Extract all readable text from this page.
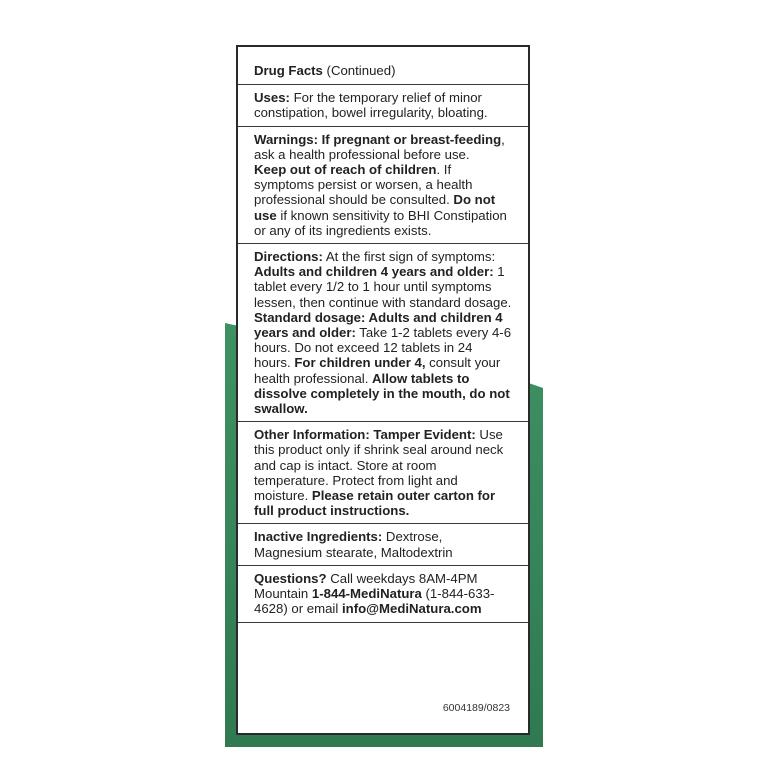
Drug Facts (Continued)
Uses: For the temporary relief of minor constipation, bowel irregularity, bloating.
Warnings: If pregnant or breast-feeding, ask a health professional before use.
Keep out of reach of children. If symptoms persist or worsen, a health professional should be consulted. Do not use if known sensitivity to BHI Constipation or any of its ingredients exists.
Directions: At the first sign of symptoms:
Adults and children 4 years and older: 1 tablet every 1/2 to 1 hour until symptoms lessen, then continue with standard dosage.
Standard dosage: Adults and children 4 years and older: Take 1-2 tablets every 4-6 hours. Do not exceed 12 tablets in 24 hours. For children under 4, consult your health professional. Allow tablets to dissolve completely in the mouth, do not swallow.
Other Information: Tamper Evident: Use this product only if shrink seal around neck and cap is intact. Store at room temperature. Protect from light and moisture. Please retain outer carton for full product instructions.
Inactive Ingredients: Dextrose, Magnesium stearate, Maltodextrin
Questions? Call weekdays 8AM-4PM Mountain 1-844-MediNatura (1-844-633-4628) or email info@MediNatura.com
6004189/0823
